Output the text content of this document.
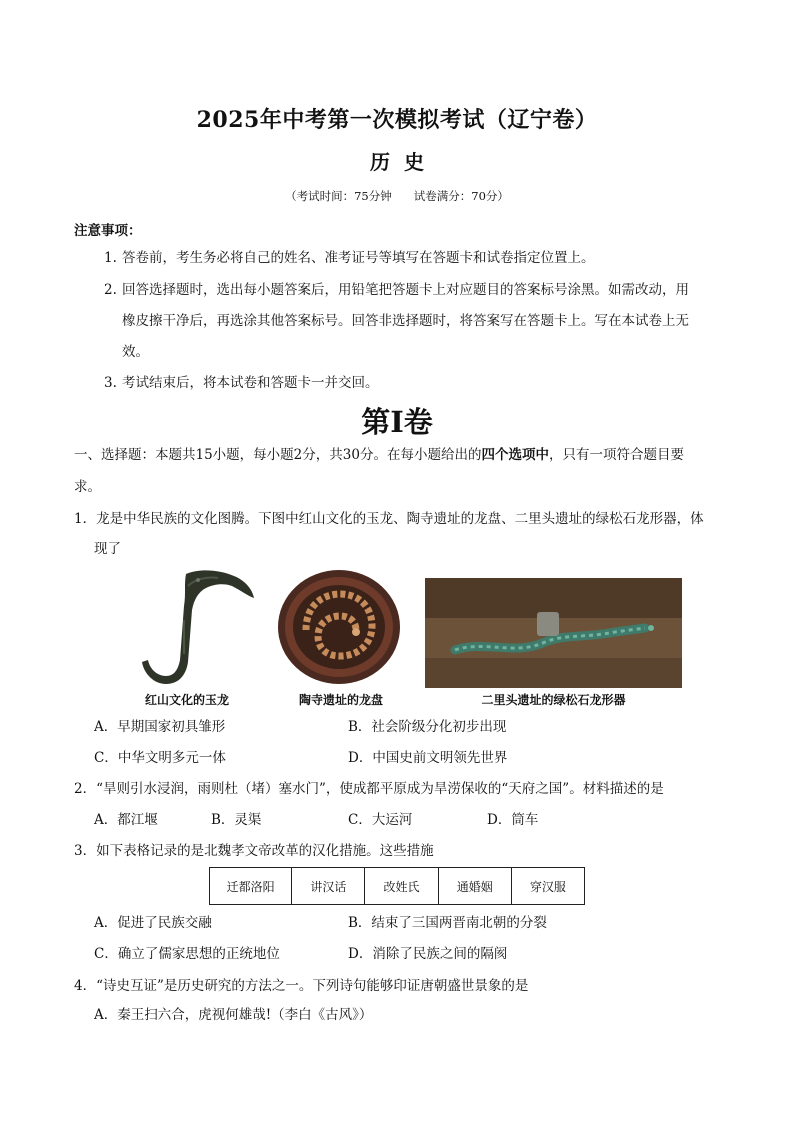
2025年中考第一次模拟考试（辽宁卷）
历史
（考试时间：75分钟 试卷满分：70分）
注意事项：
1. 答卷前，考生务必将自己的姓名、准考证号等填写在答题卡和试卷指定位置上。
2. 回答选择题时，选出每小题答案后，用铅笔把答题卡上对应题目的答案标号涂黑。如需改动，用
橡皮擦干净后，再选涂其他答案标号。回答非选择题时，将答案写在答题卡上。写在本试卷上无
效。
3. 考试结束后，将本试卷和答题卡一并交回。
第Ⅰ卷
一、选择题：本题共15小题，每小题2分，共30分。在每小题给出的四个选项中，只有一项符合题目要
求。
1．龙是中华民族的文化图腾。下图中红山文化的玉龙、陶寺遗址的龙盘、二里头遗址的绿松石龙形器，体
现了
红山文化的玉龙	陶寺遗址的龙盘	二里头遗址的绿松石龙形器
A．早期国家初具雏形	B．社会阶级分化初步出现
C．中华文明多元一体	D．中国史前文明领先世界
2．“旱则引水浸润，雨则杜（堵）塞水门”，使成都平原成为旱涝保收的“天府之国”。材料描述的是
A．都江堰	B．灵渠	C．大运河	D．筒车
3．如下表格记录的是北魏孝文帝改革的汉化措施。这些措施
迁都洛阳	讲汉话	改姓氏	通婚姻	穿汉服
A．促进了民族交融	B．结束了三国两晋南北朝的分裂
C．确立了儒家思想的正统地位	D．消除了民族之间的隔阂
4．“诗史互证”是历史研究的方法之一。下列诗句能够印证唐朝盛世景象的是
A．秦王扫六合，虎视何雄哉!（李白《古风》）
